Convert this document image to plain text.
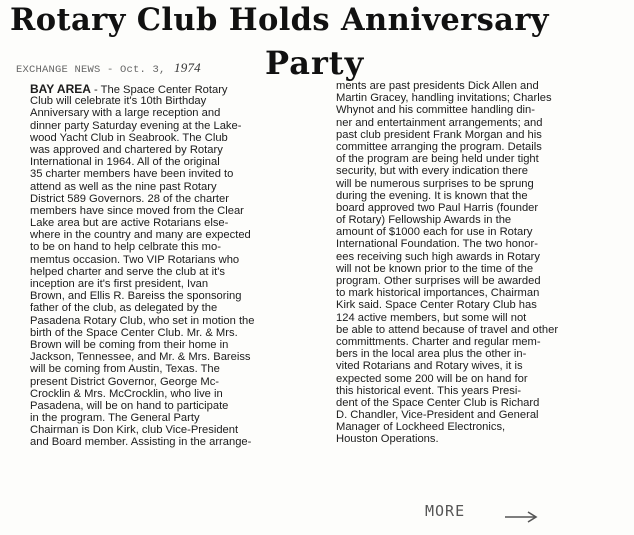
Rotary Club Holds Anniversary
Party
EXCHANGE NEWS - Oct. 3, 1974
BAY AREA - The Space Center Rotary
Club will celebrate it's 10th Birthday
Anniversary with a large reception and
dinner party Saturday evening at the Lake-
wood Yacht Club in Seabrook. The Club
was approved and chartered by Rotary
International in 1964. All of the original
35 charter members have been invited to
attend as well as the nine past Rotary
District 589 Governors. 28 of the charter
members have since moved from the Clear
Lake area but are active Rotarians else-
where in the country and many are expected
to be on hand to help celbrate this mo-
memtus occasion. Two VIP Rotarians who
helped charter and serve the club at it's
inception are it's first president, Ivan
Brown, and Ellis R. Bareiss the sponsoring
father of the club, as delegated by the
Pasadena Rotary Club, who set in motion the
birth of the Space Center Club. Mr. & Mrs.
Brown will be coming from their home in
Jackson, Tennessee, and Mr. & Mrs. Bareiss
will be coming from Austin, Texas. The
present District Governor, George Mc-
Crocklin & Mrs. McCrocklin, who live in
Pasadena, will be on hand to participate
in the program. The General Party
Chairman is Don Kirk, club Vice-President
and Board member. Assisting in the arrange-
ments are past presidents Dick Allen and
Martin Gracey, handling invitations; Charles
Whynot and his committee handling din-
ner and entertainment arrangements; and
past club president Frank Morgan and his
committee arranging the program. Details
of the program are being held under tight
security, but with every indication there
will be numerous surprises to be sprung
during the evening. It is known that the
board approved two Paul Harris (founder
of Rotary) Fellowship Awards in the
amount of $1000 each for use in Rotary
International Foundation. The two honor-
ees receiving such high awards in Rotary
will not be known prior to the time of the
program. Other surprises will be awarded
to mark historical importances, Chairman
Kirk said. Space Center Rotary Club has
124 active members, but some will not
be able to attend because of travel and other
committments. Charter and regular mem-
bers in the local area plus the other in-
vited Rotarians and Rotary wives, it is
expected some 200 will be on hand for
this historical event. This years Presi-
dent of the Space Center Club is Richard
D. Chandler, Vice-President and General
Manager of Lockheed Electronics,
Houston Operations.
MORE
